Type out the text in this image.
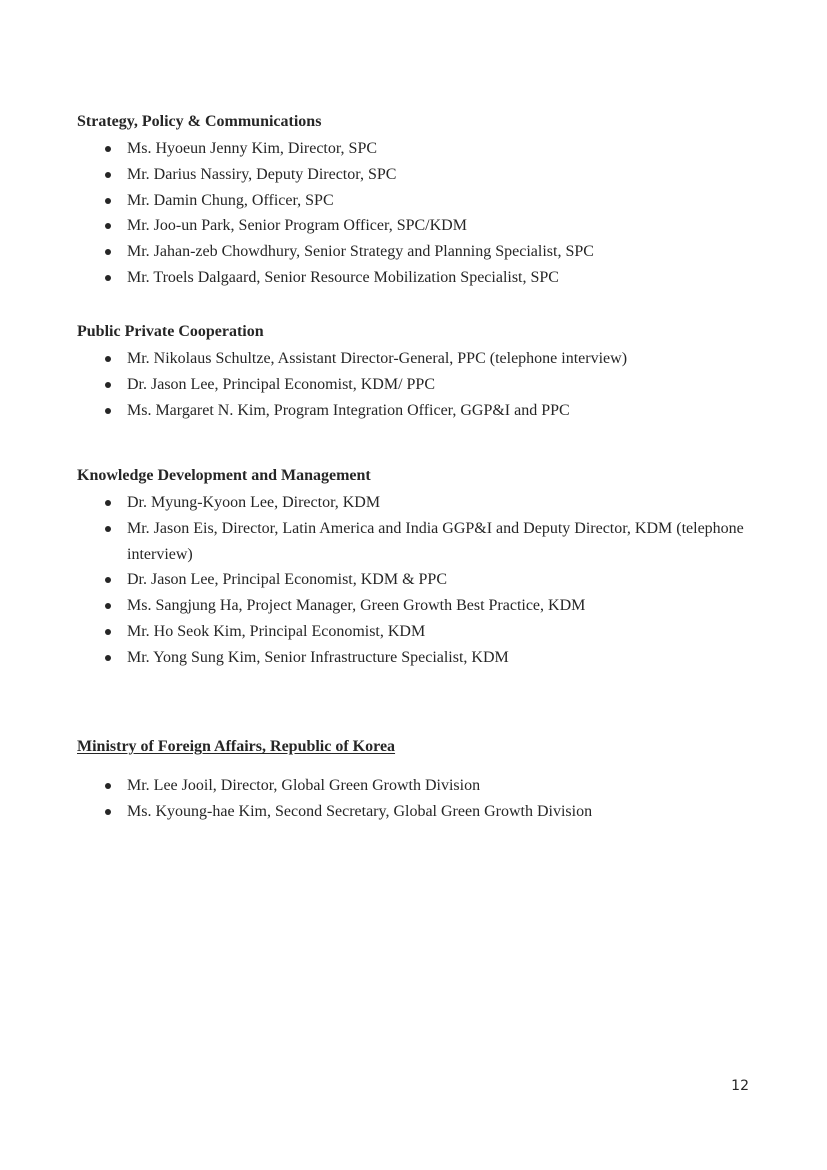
Strategy, Policy & Communications

Ms. Hyoeun Jenny Kim, Director, SPC
Mr. Darius Nassiry, Deputy Director, SPC
Mr. Damin Chung, Officer, SPC
Mr. Joo-un Park, Senior Program Officer, SPC/KDM
Mr. Jahan-zeb Chowdhury, Senior Strategy and Planning Specialist, SPC
Mr. Troels Dalgaard, Senior Resource Mobilization Specialist, SPC

Public Private Cooperation

Mr. Nikolaus Schultze, Assistant Director-General, PPC (telephone interview)
Dr. Jason Lee, Principal Economist, KDM/ PPC
Ms. Margaret N. Kim, Program Integration Officer, GGP&I and PPC

Knowledge Development and Management

Dr. Myung-Kyoon Lee, Director, KDM
Mr. Jason Eis, Director, Latin America and India GGP&I and Deputy Director, KDM (telephone interview)
Dr. Jason Lee, Principal Economist, KDM & PPC
Ms. Sangjung Ha, Project Manager, Green Growth Best Practice, KDM
Mr. Ho Seok Kim, Principal Economist, KDM
Mr. Yong Sung Kim, Senior Infrastructure Specialist, KDM

Ministry of Foreign Affairs, Republic of Korea

Mr. Lee Jooil, Director, Global Green Growth Division
Ms. Kyoung-hae Kim, Second Secretary, Global Green Growth Division
12
